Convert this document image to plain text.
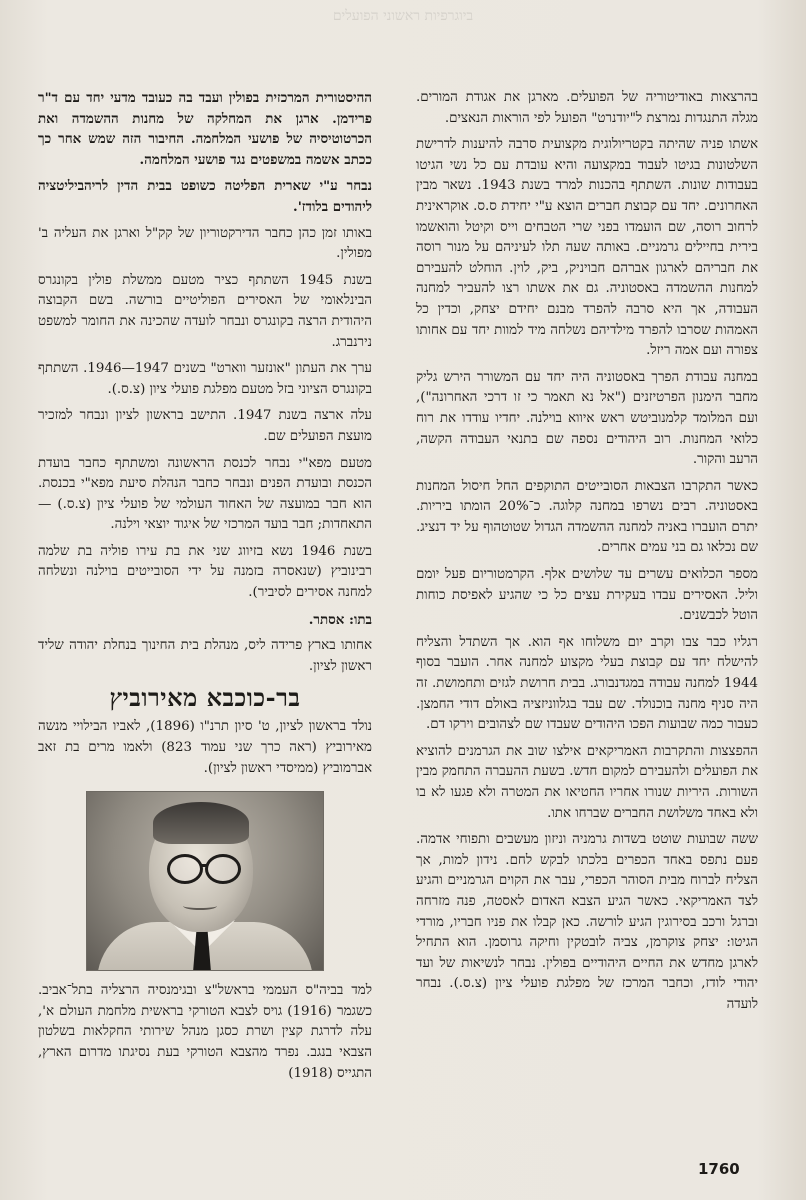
ביוגרפיות ראשוני הפועלים

בהרצאות באודיטוריה של הפועלים. מארגן את אגודת המורים. מגלה התנגדות נמרצת ל"יודנרט" הפועל לפי הוראות הנאצים.

אשתו פניה שהיתה בקטריולוגית מקצועית סרבה להיענות לדרישת השלטונות בגיטו לעבוד במקצועה והיא עובדת עם כל נשי הגיטו בעבודות שונות. השתתף בהכנות למרד בשנת 1943. נשאר מבין האחרונים. יחד עם קבוצת חברים הוצא ע"י יחידת ס.ס. אוקראינית לרחוב רוסה, שם הועמדו בפני שרי הטבחים וייס וקיטל והואשמו בירית בחיילים גרמניים. באותה שעה תלו לעיניהם על מנור רוסה את חבריהם לארגון אברהם חבויניק, ביק, לוין. הוחלט להעבירם למחנות ההשמדה באסטוניה. גם את אשתו רצו להעביר למחנה העבודה, אך היא סרבה להפרד מבנם יחידם יצחק, וכדין כל האמהות שסרבו להפרד מילדיהם נשלחה מיד למוות יחד עם אחותו צפורה ועם אמה ריזל.

במחנה עבודת הפרך באסטוניה היה יחד עם המשורר הירש גליק מחבר הימנון הפרטיזנים ("אל נא תאמר כי זו דרכי האחרונה"), ועם המלומד קלמנוביטש ראש איווא בוילנה. יחדיו עודדו את רוח כלואי המחנות. רוב היהודים נספה שם בתנאי העבודה הקשה, הרעב והקור.

כאשר התקרבו הצבאות הסובייטים התוקפים החל חיסול המחנות באסטוניה. רבים נשרפו במחנה קלוגה. כ־20% הומתו ביריות. יתרם הועברו באניה למחנה ההשמדה הגדול שטוטהוף על יד דנציג. שם נכלאו גם בני עמים אחרים.

מספר הכלואים עשרים עד שלושים אלף. הקרמטוריום פעל יומם וליל. האסירים עבדו בעקירת עצים כל כי שהגיע לאפיסת כוחות הוטל לכבשנים.

רגליו כבר צבו וקרב יום משלוחו אף הוא. אך השתדל והצליח להישלח יחד עם קבוצת בעלי מקצוע למחנה אחר. הועבר בסוף 1944 למחנה עבודה במגדנבורג. בבית חרושת לגזים ותחמושת. זה היה סניף מחנה בוכנולד. שם עבד בגלווניזציה באולם דודי החמצן. כעבור כמה שבועות הפכו היהודים שעבדו שם לצהובים וירקו דם.

ההפצצות והתקרבות האמריקאים אילצו שוב את הגרמנים להוציא את הפועלים ולהעבירם למקום חדש. בשעת ההעברה התחמק מבין השורות. היריות שנורו אחריו החטיאו את המטרה ולא פגעו לא בו ולא באחד משלושת החברים שברחו אתו.

ששה שבועות שוטט בשדות גרמניה וניזון מעשבים ותפוחי אדמה. פעם נתפס באחד הכפרים בלכתו לבקש לחם. נידון למות, אך הצליח לברוח מבית הסוהר הכפרי, עבר את הקוים הגרמניים והגיע לצד האמריקאי. כאשר הגיע הצבא האדום לאסטה, פנה מזרחה וברגל ורכב בסירוגין הגיע לורשה. כאן קבלו את פניו חבריו, מורדי הגיטו: יצחק צוקרמן, צביה לובטקין וחיקה גרוסמן. הוא התחיל לארגן מחדש את החיים היהודיים בפולין. נבחר לנשיאות של ועד יהודי לודז, וכחבר המרכז של מפלגת פועלי ציון (צ.ס.). נבחר לועדה

ההיסטורית המרכזית בפולין ועבד בה כעובד מדעי יחד עם ד"ר פרידמן. ארגן את המחלקה של מחנות ההשמדה ואת הכרטוטיסיה של פושעי המלחמה. החיבור הזה שמש אחר כך ככתב אשמה במשפטים נגד פושעי המלחמה.

נבחר ע"י שארית הפליטה כשופט בבית הדין לריהביליטציה ליהודים בלודז'.

באותו זמן כהן כחבר הדירקטוריון של קק"ל וארגן את העליה ב' מפולין.

בשנת 1945 השתתף כציר מטעם ממשלת פולין בקונגרס הבינלאומי של האסירים הפוליטיים בורשה. בשם הקבוצה היהודית הרצה בקונגרס ונבחר לועדה שהכינה את החומר למשפט נירנברג.

ערך את העתון "אונזער ווארט" בשנים 1947—1946. השתתף בקונגרס הציוני בזל מטעם מפלגת פועלי ציון (צ.ס.).

עלה ארצה בשנת 1947. התישב בראשון לציון ונבחר למזכיר מועצת הפועלים שם.

מטעם מפא"י נבחר לכנסת הראשונה ומשתתף כחבר בועדת הכנסת ובועדת הפנים ונבחר כחבר הנהלת סיעת מפא"י בכנסת. הוא חבר במועצה של האחוד העולמי של פועלי ציון (צ.ס.) — התאחדות; חבר בועד המרכזי של איגוד יוצאי וילנה.

בשנת 1946 נשא בזיווג שני את בת עירו פוליה בת שלמה רבינוביץ (שנאסרה בזמנה על ידי הסובייטים בוילנה ונשלחה למחנה אסירים לסיביר).

בתו: אסתר.

אחותו בארץ פרידה ליס, מנהלת בית החינוך בנחלת יהודה שליד ראשון לציון.

בר-כוכבא מאירוביץ

נולד בראשון לציון, ט' סיון תרנ"ו (1896), לאביו הבילויי מנשה מאירוביץ (ראה כרך שני עמוד 823) ולאמו מרים בת זאב אברמוביץ (ממיסדי ראשון לציון).

למד בביה"ס העממי בראשל"צ ובגימנסיה הרצליה בתל־אביב. כשגמר (1916) גויס לצבא הטורקי בראשית מלחמת העולם א', עלה לדרגת קצין ושרת כסגן מנהל שירותי החקלאות בשלטון הצבאי בנגב. נפרד מהצבא הטורקי בעת נסיגתו מדרום הארץ, התגייס (1918)

1760
